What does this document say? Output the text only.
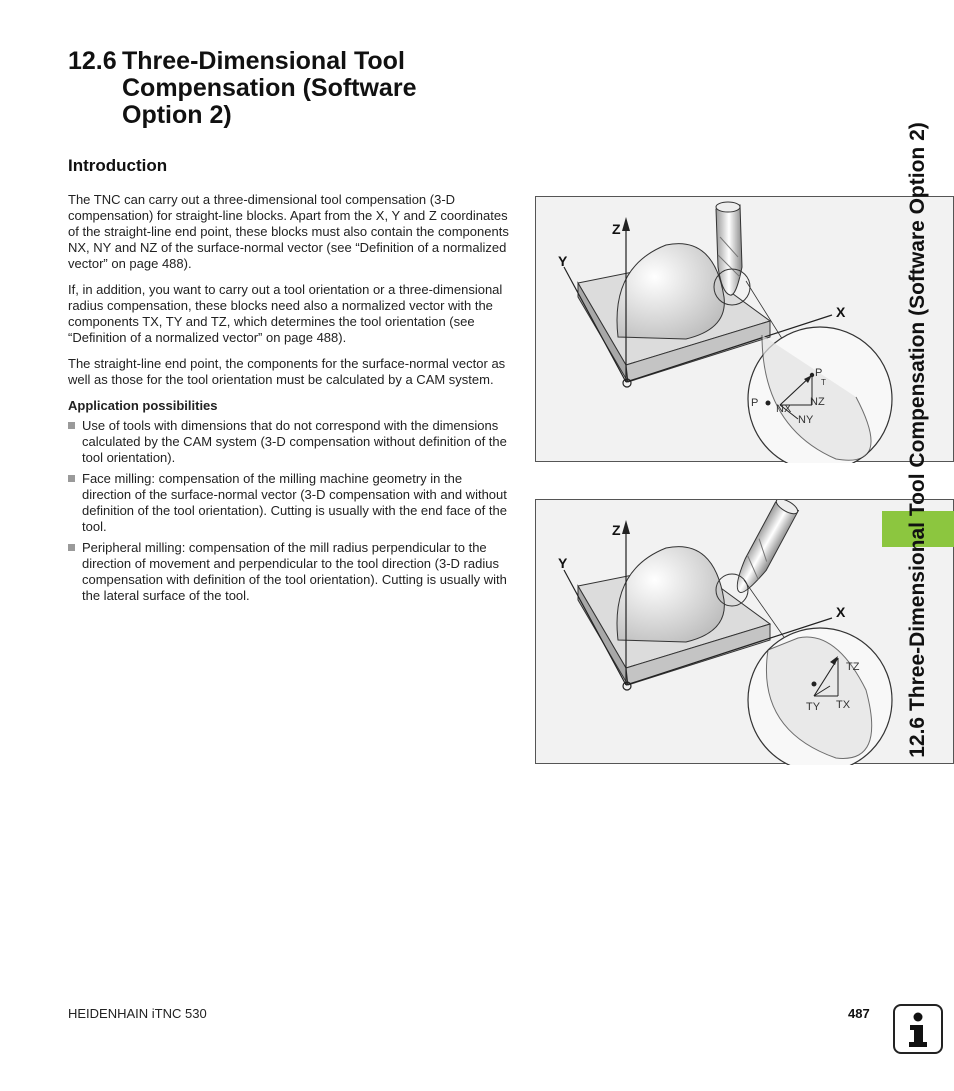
12.6 Three-Dimensional Tool
Compensation (Software
Option 2)
Introduction

The TNC can carry out a three-dimensional tool compensation (3-D compensation) for straight-line blocks. Apart from the X, Y and Z coordinates of the straight-line end point, these blocks must also contain the components NX, NY and NZ of the surface-normal vector (see “Definition of a normalized vector” on page 488).

If, in addition, you want to carry out a tool orientation or a three-dimensional radius compensation, these blocks need also a normalized vector with the components TX, TY and TZ, which determines the tool orientation (see “Definition of a normalized vector” on page 488).

The straight-line end point, the components for the surface-normal vector as well as those for the tool orientation must be calculated by a CAM system.

Application possibilities
Use of tools with dimensions that do not correspond with the dimensions calculated by the CAM system (3-D compensation without definition of the tool orientation).
Face milling: compensation of the milling machine geometry in the direction of the surface-normal vector (3-D compensation with and without definition of the tool orientation). Cutting is usually with the end face of the tool.
Peripheral milling: compensation of the mill radius perpendicular to the direction of movement and perpendicular to the tool direction (3-D radius compensation with definition of the tool orientation). Cutting is usually with the lateral surface of the tool.
Z
Y
X
P
P
T
NX
NZ
NY
Z
Y
X
TZ
TX
TY	12.6 Three-Dimensional Tool Compensation (Software Option 2)
HEIDENHAIN iTNC 530	487
